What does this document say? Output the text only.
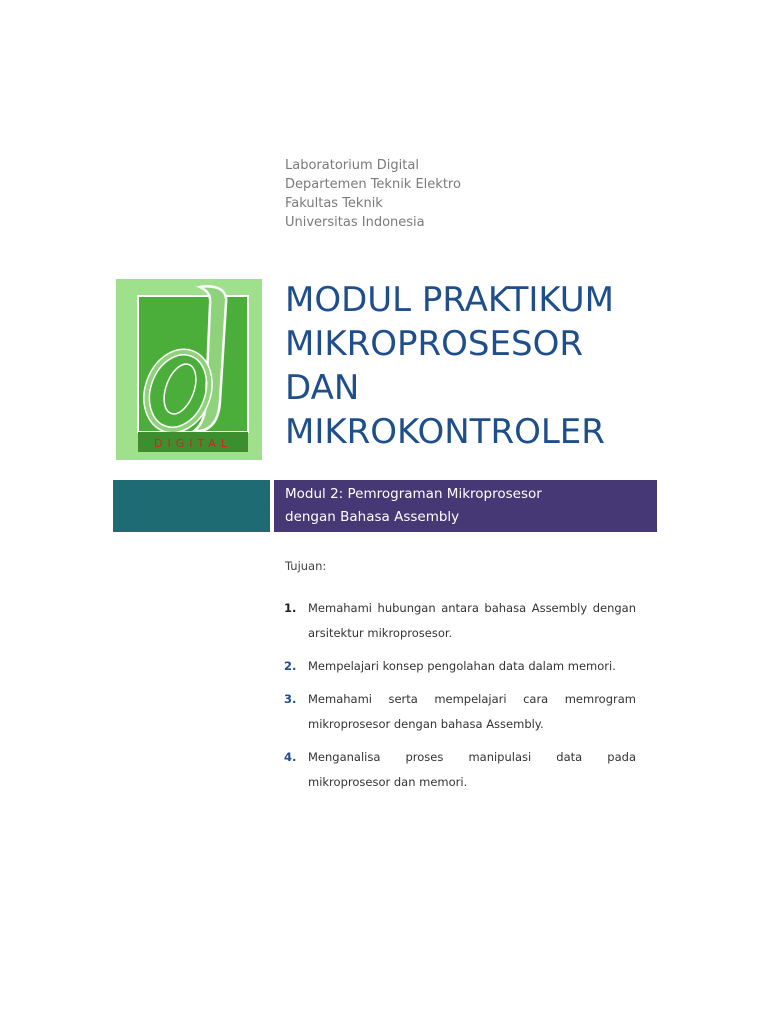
Laboratorium Digital
Departemen Teknik Elektro
Fakultas Teknik
Universitas Indonesia
DIGITAL
MODUL PRAKTIKUM
MIKROPROSESOR
DAN
MIKROKONTROLER
Modul 2: Pemrograman Mikroprosesor
dengan Bahasa Assembly
Tujuan:
1. Memahami hubungan antara bahasa Assembly dengan arsitektur mikroprosesor.
2. Mempelajari konsep pengolahan data dalam memori.
3. Memahami serta mempelajari cara memrogram mikroprosesor dengan bahasa Assembly.
4. Menganalisa proses manipulasi data pada mikroprosesor dan memori.
